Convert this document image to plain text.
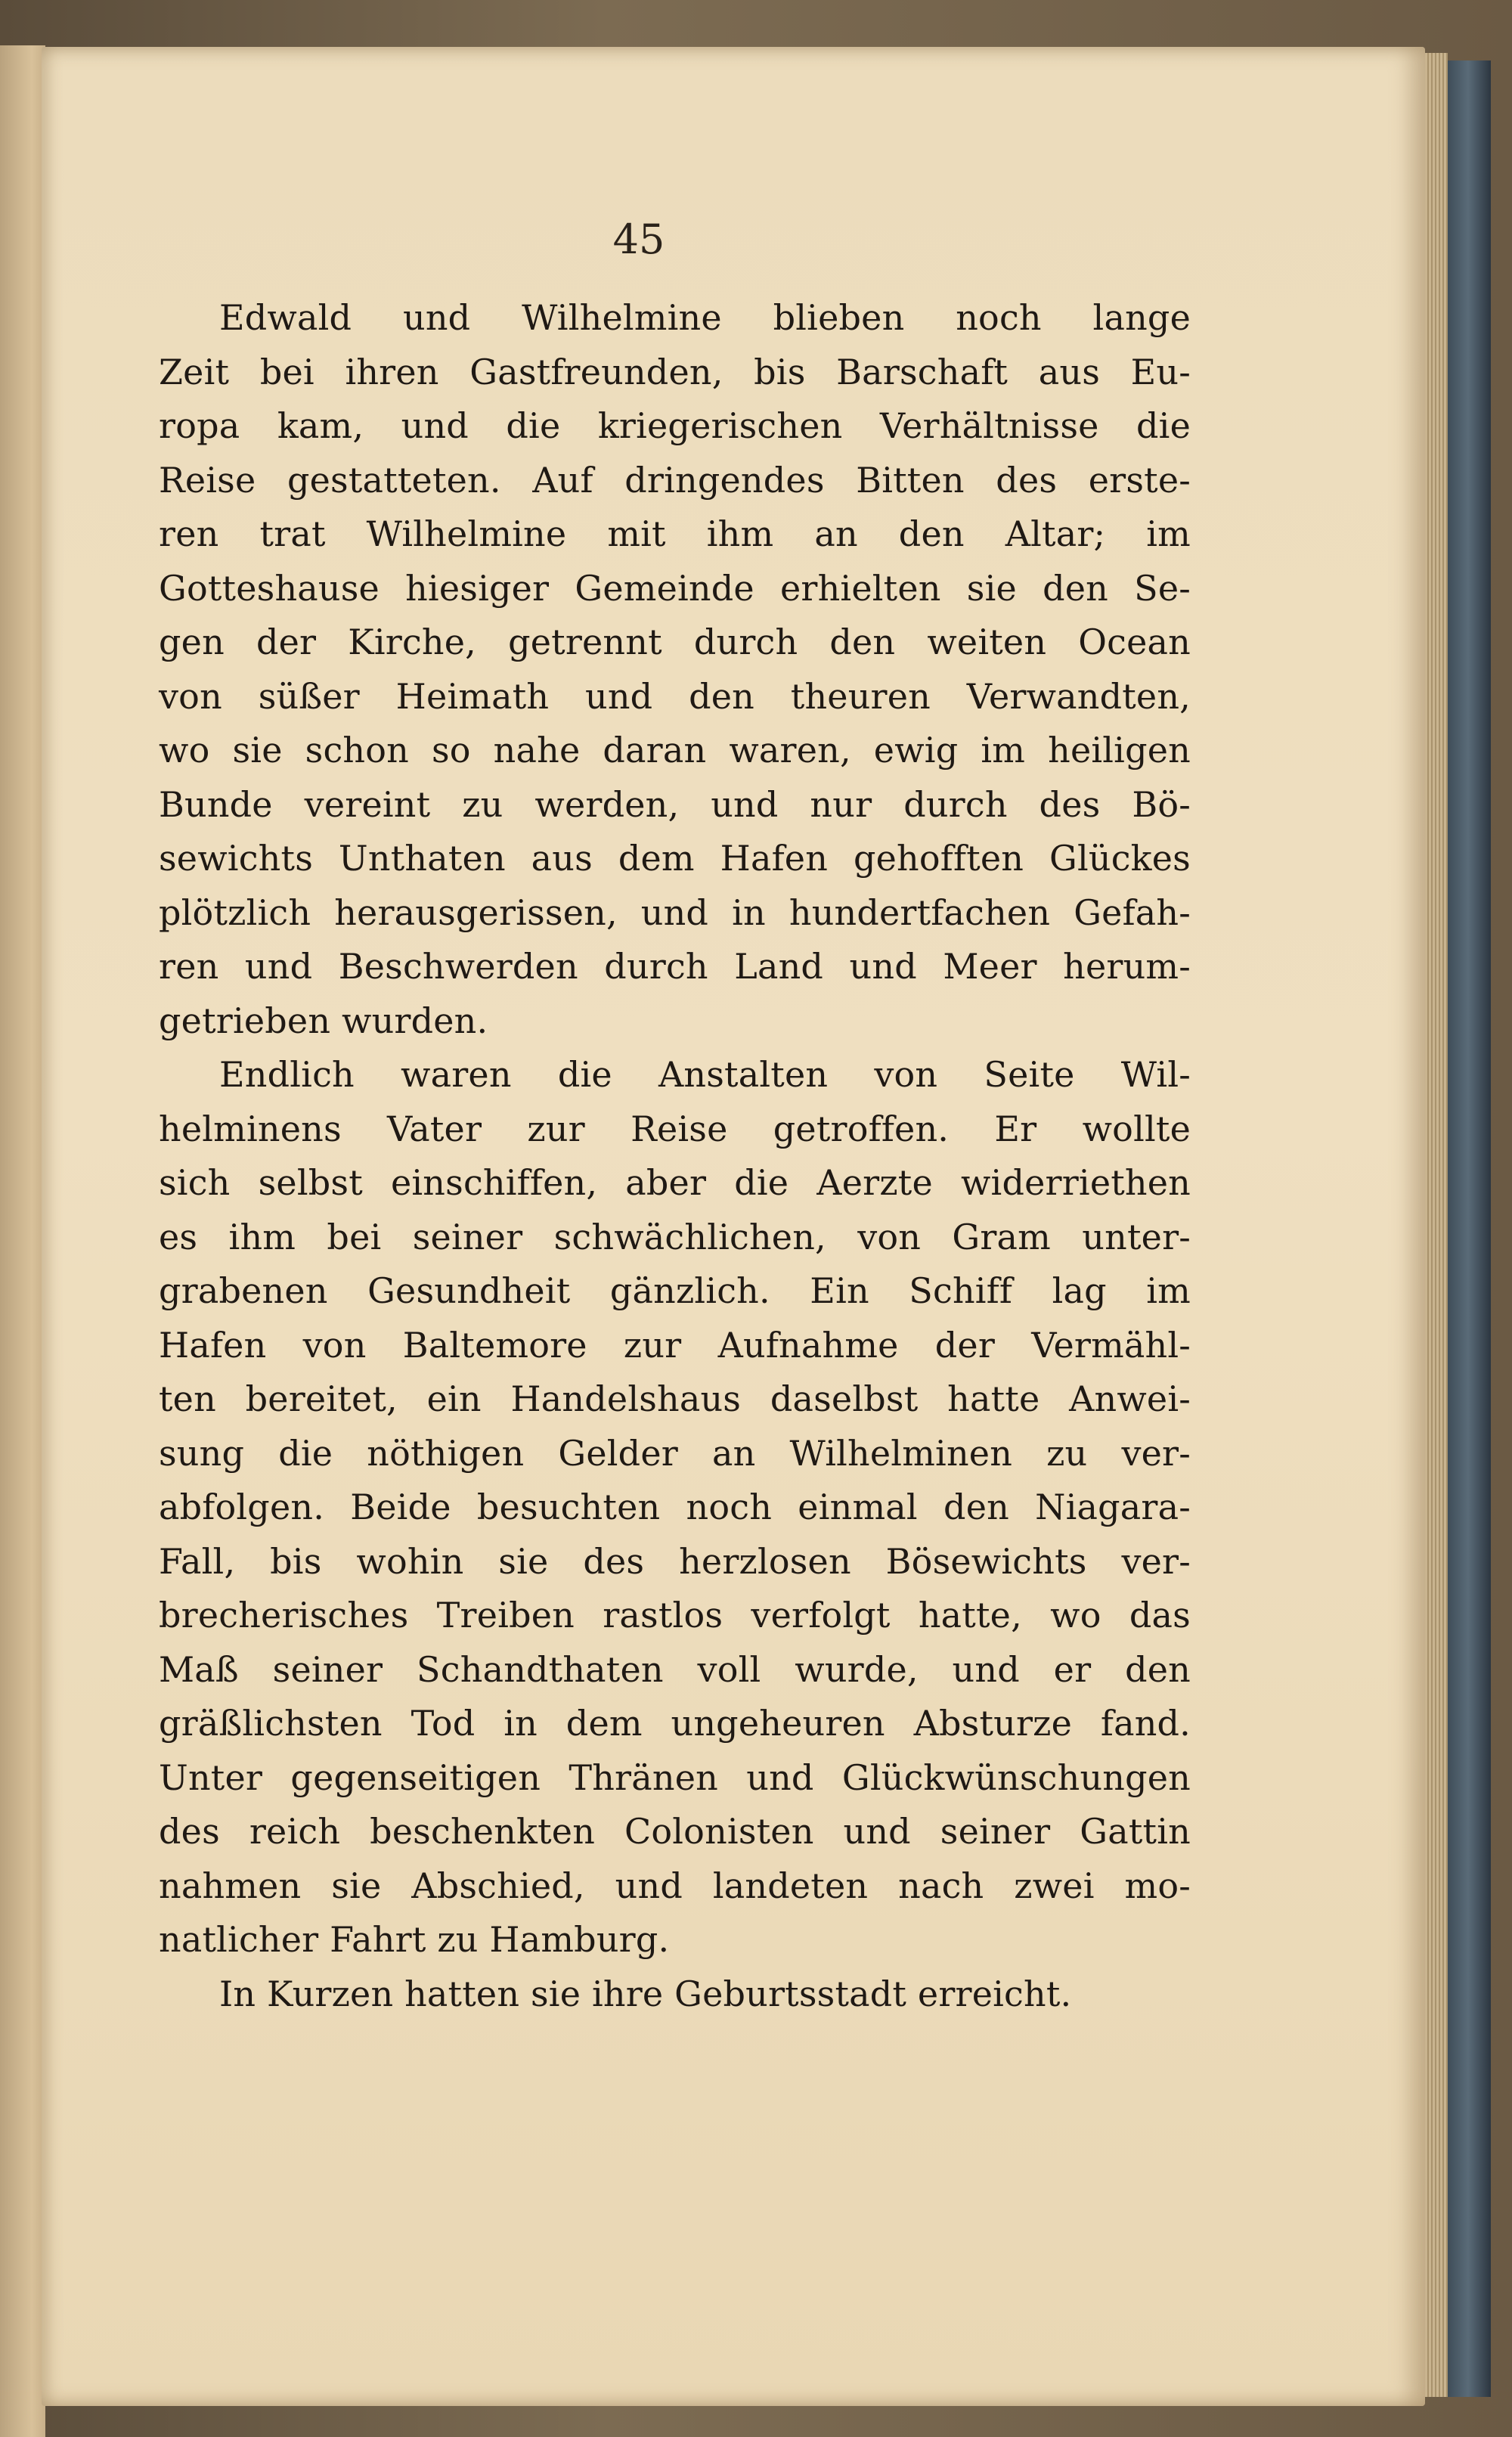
45
Edwald und Wilhelmine blieben noch lange
Zeit bei ihren Gastfreunden, bis Barschaft aus Eu-
ropa kam, und die kriegerischen Verhältnisse die
Reise gestatteten. Auf dringendes Bitten des erste-
ren trat Wilhelmine mit ihm an den Altar; im
Gotteshause hiesiger Gemeinde erhielten sie den Se-
gen der Kirche, getrennt durch den weiten Ocean
von süßer Heimath und den theuren Verwandten,
wo sie schon so nahe daran waren, ewig im heiligen
Bunde vereint zu werden, und nur durch des Bö-
sewichts Unthaten aus dem Hafen gehofften Glückes
plötzlich herausgerissen, und in hundertfachen Gefah-
ren und Beschwerden durch Land und Meer herum-
getrieben wurden.
Endlich waren die Anstalten von Seite Wil-
helminens Vater zur Reise getroffen. Er wollte
sich selbst einschiffen, aber die Aerzte widerriethen
es ihm bei seiner schwächlichen, von Gram unter-
grabenen Gesundheit gänzlich. Ein Schiff lag im
Hafen von Baltemore zur Aufnahme der Vermähl-
ten bereitet, ein Handelshaus daselbst hatte Anwei-
sung die nöthigen Gelder an Wilhelminen zu ver-
abfolgen. Beide besuchten noch einmal den Niagara-
Fall, bis wohin sie des herzlosen Bösewichts ver-
brecherisches Treiben rastlos verfolgt hatte, wo das
Maß seiner Schandthaten voll wurde, und er den
gräßlichsten Tod in dem ungeheuren Absturze fand.
Unter gegenseitigen Thränen und Glückwünschungen
des reich beschenkten Colonisten und seiner Gattin
nahmen sie Abschied, und landeten nach zwei mo-
natlicher Fahrt zu Hamburg.
In Kurzen hatten sie ihre Geburtsstadt erreicht.
